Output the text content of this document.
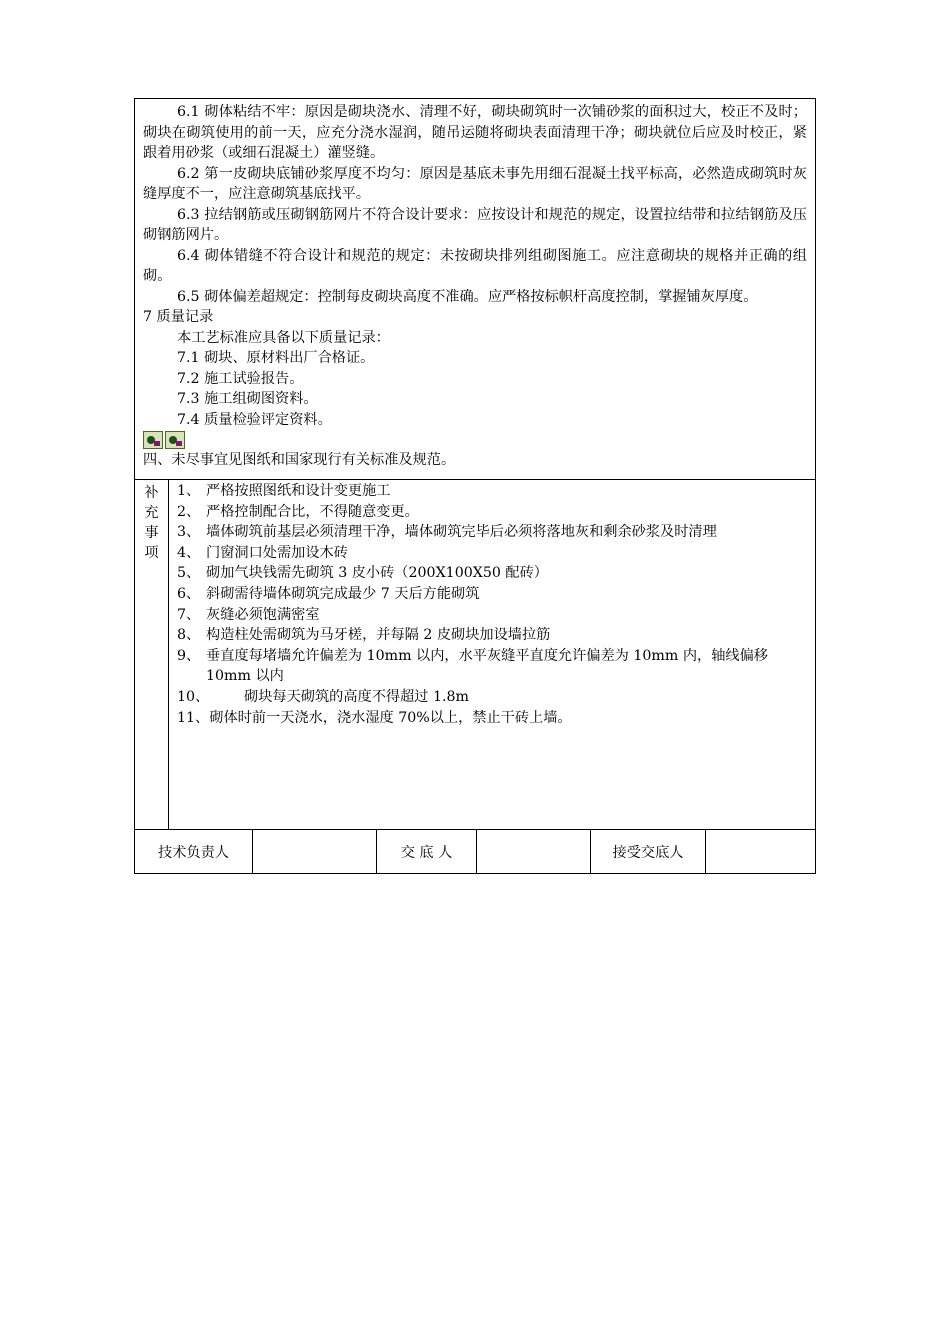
6.1 砌体粘结不牢：原因是砌块浇水、清理不好，砌块砌筑时一次铺砂浆的面积过大，校正不及时；砌块在砌筑使用的前一天，应充分浇水湿润，随吊运随将砌块表面清理干净；砌块就位后应及时校正，紧跟着用砂浆（或细石混凝土）灌竖缝。

6.2 第一皮砌块底铺砂浆厚度不均匀：原因是基底未事先用细石混凝土找平标高，必然造成砌筑时灰缝厚度不一，应注意砌筑基底找平。

6.3 拉结钢筋或压砌钢筋网片不符合设计要求：应按设计和规范的规定，设置拉结带和拉结钢筋及压砌钢筋网片。

6.4 砌体错缝不符合设计和规范的规定：未按砌块排列组砌图施工。应注意砌块的规格并正确的组砌。

6.5 砌体偏差超规定：控制每皮砌块高度不准确。应严格按标帜杆高度控制，掌握铺灰厚度。

7 质量记录

本工艺标准应具备以下质量记录：

7.1 砌块、原材料出厂合格证。

7.2 施工试验报告。

7.3 施工组砌图资料。

7.4 质量检验评定资料。

四、未尽事宜见图纸和国家现行有关标准及规范。

补
充
事
项

1、 严格按照图纸和设计变更施工

2、 严格控制配合比，不得随意变更。

3、 墙体砌筑前基层必须清理干净，墙体砌筑完毕后必须将落地灰和剩余砂浆及时清理

4、 门窗洞口处需加设木砖

5、 砌加气块钱需先砌筑 3 皮小砖（200X100X50 配砖）

6、 斜砌需待墙体砌筑完成最少 7 天后方能砌筑

7、 灰缝必须饱满密室

8、 构造柱处需砌筑为马牙槎，并每隔 2 皮砌块加设墙拉筋

9、 垂直度每堵墙允许偏差为 10mm 以内，水平灰缝平直度允许偏差为 10mm 内，轴线偏移 10mm 以内

10、 砌块每天砌筑的高度不得超过 1.8m

11、砌体时前一天浇水，浇水湿度 70%以上，禁止干砖上墙。

技术负责人	交 底 人	接受交底人
